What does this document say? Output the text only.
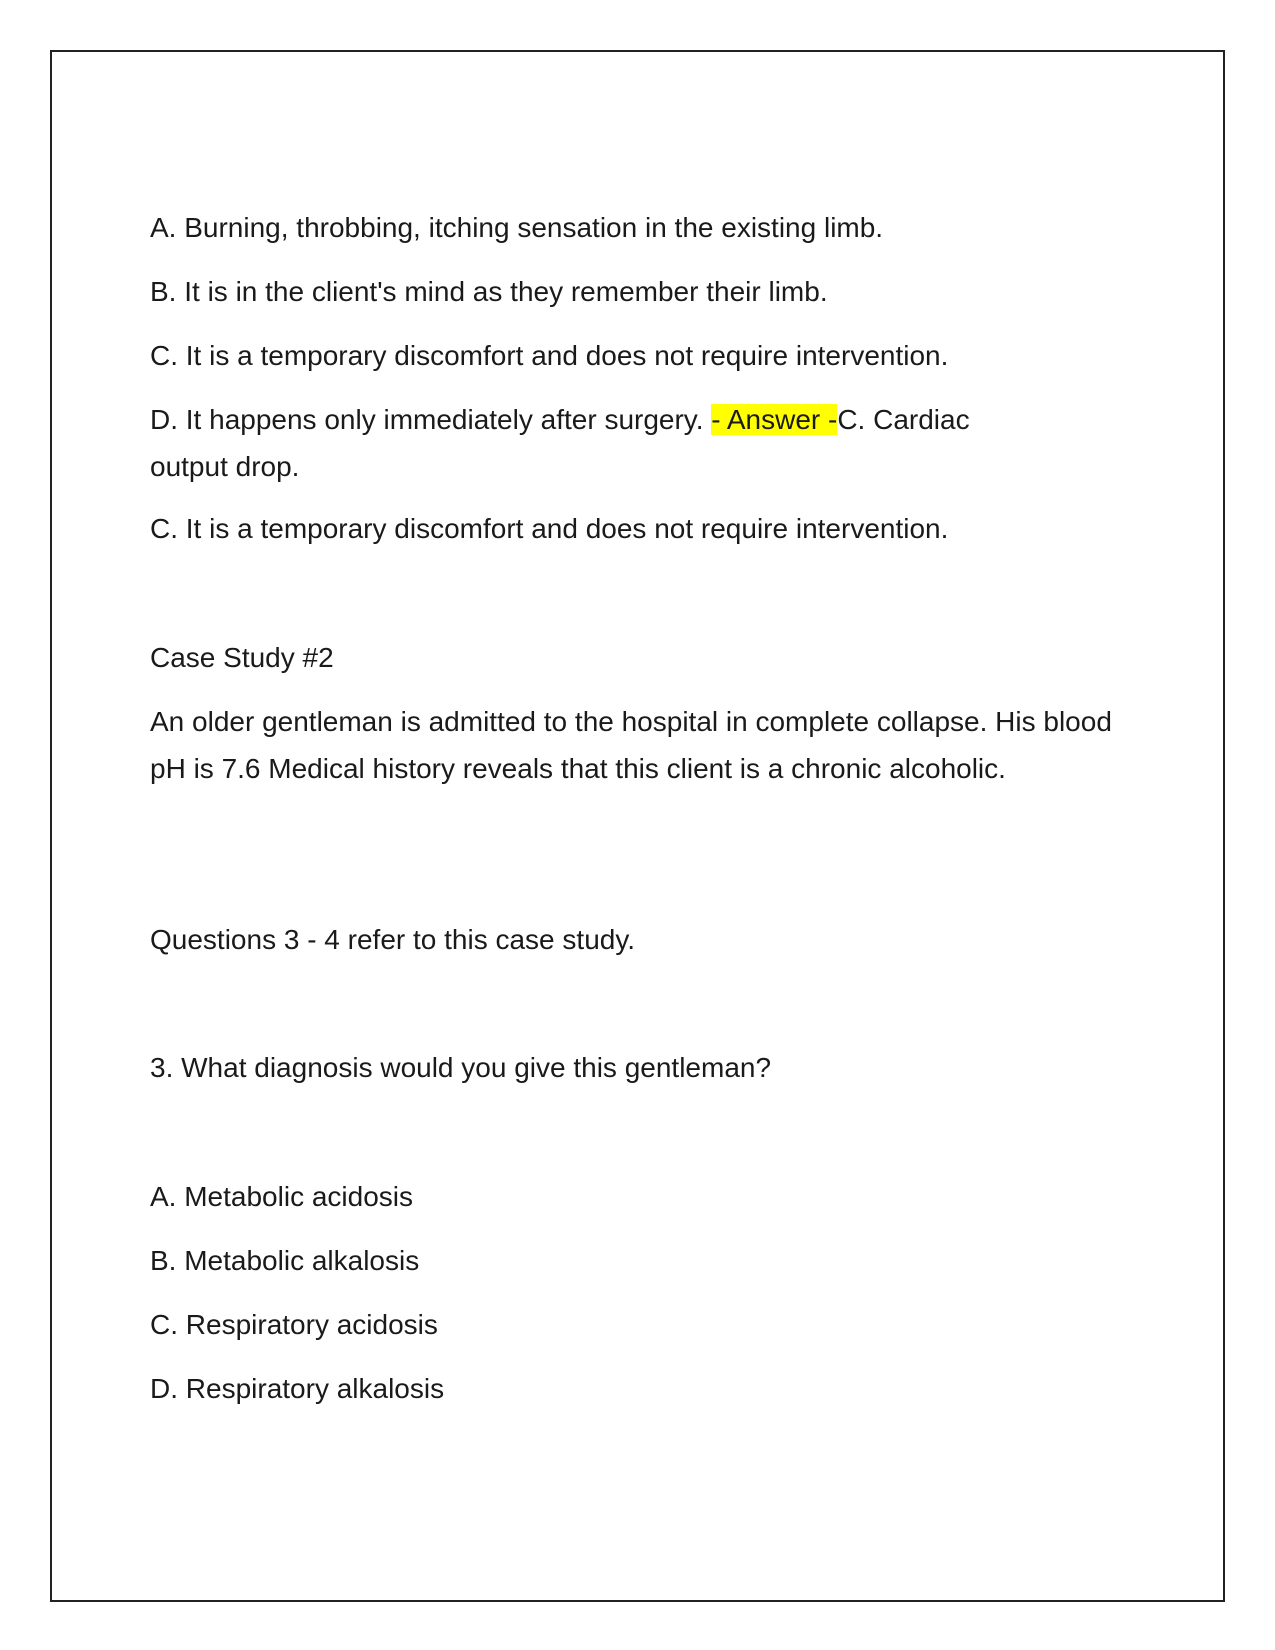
A. Burning, throbbing, itching sensation in the existing limb.

B. It is in the client's mind as they remember their limb.

C. It is a temporary discomfort and does not require intervention.

D. It happens only immediately after surgery. - Answer -C. Cardiac output drop.

C. It is a temporary discomfort and does not require intervention.

Case Study #2

An older gentleman is admitted to the hospital in complete collapse. His blood pH is 7.6 Medical history reveals that this client is a chronic alcoholic.

Questions 3 - 4 refer to this case study.

3. What diagnosis would you give this gentleman?

A. Metabolic acidosis

B. Metabolic alkalosis

C. Respiratory acidosis

D. Respiratory alkalosis
